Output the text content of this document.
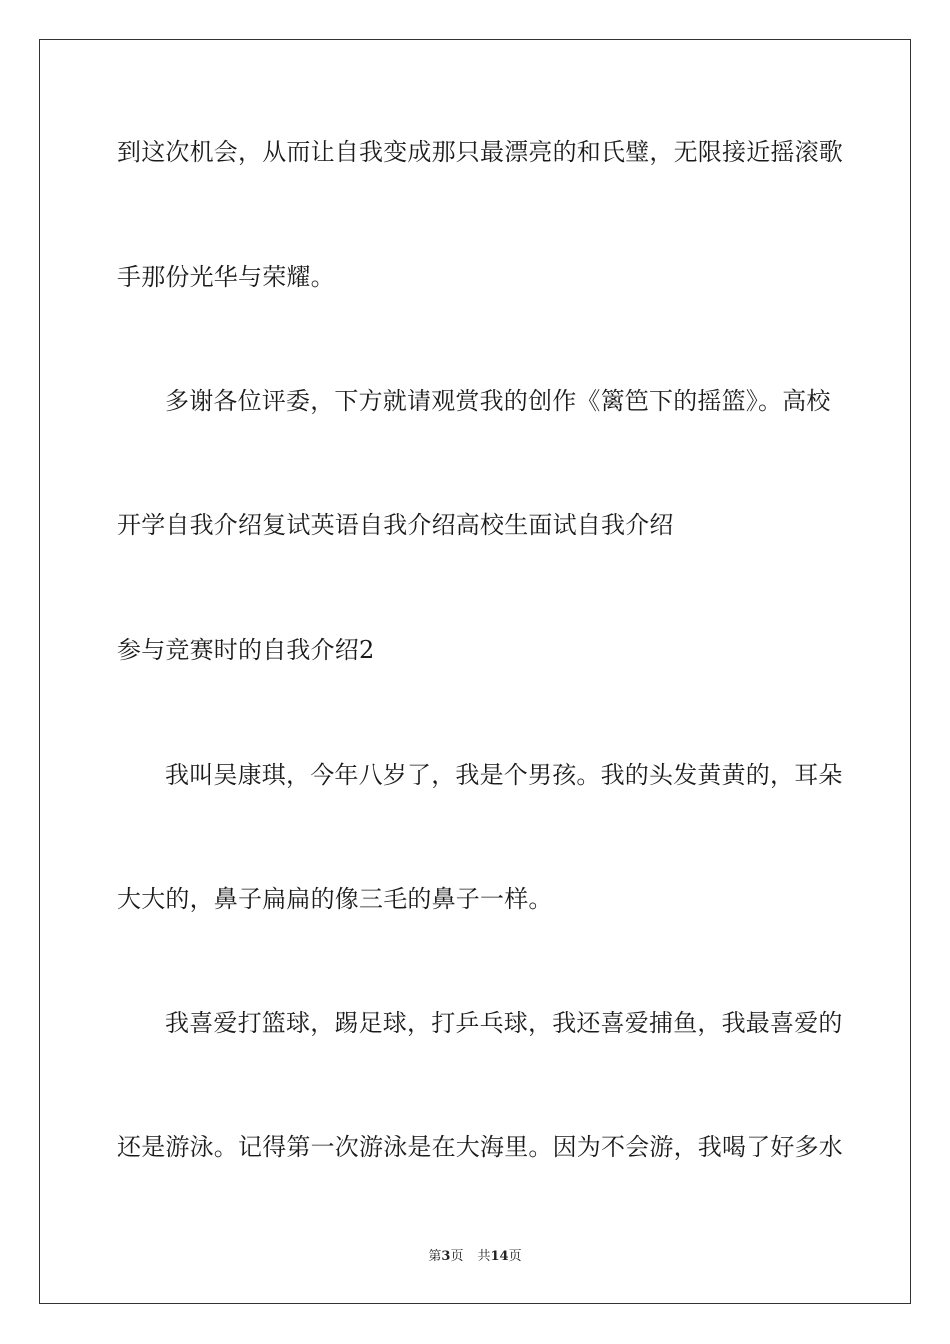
到这次机会，从而让自我变成那只最漂亮的和氏璧，无限接近摇滚歌
手那份光华与荣耀。
多谢各位评委，下方就请观赏我的创作《篱笆下的摇篮》。高校
开学自我介绍复试英语自我介绍高校生面试自我介绍
参与竞赛时的自我介绍2
我叫吴康琪，今年八岁了，我是个男孩。我的头发黄黄的，耳朵
大大的，鼻子扁扁的像三毛的鼻子一样。
我喜爱打篮球，踢足球，打乒乓球，我还喜爱捕鱼，我最喜爱的
还是游泳。记得第一次游泳是在大海里。因为不会游，我喝了好多水
第3页 共14页
